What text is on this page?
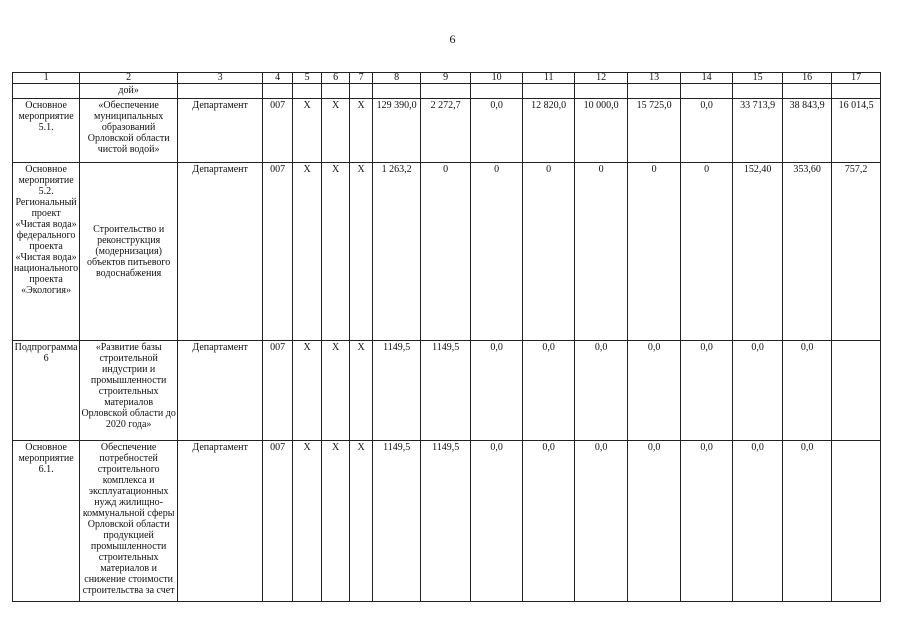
6
1	2	3	4	5	6	7	8	9	10	11	12	13	14	15	16	17
	дой»															
Основное мероприятие 5.1.	«Обеспечение муниципальных образований Орловской области чистой водой»	Департамент	007	Х	Х	Х	129 390,0	2 272,7	0,0	12 820,0	10 000,0	15 725,0	0,0	33 713,9	38 843,9	16 014,5
Основное мероприятие 5.2. Региональный проект «Чистая вода» федерального проекта «Чистая вода» национального проекта «Экология»	Строительство и реконструкция (модернизация) объектов питьевого водоснабжения	Департамент	007	Х	Х	Х	1 263,2	0	0	0	0	0	0	152,40	353,60	757,2
Подпрограмма 6	«Развитие базы строительной индустрии и промышленности строительных материалов Орловской области до 2020 года»	Департамент	007	Х	Х	Х	1149,5	1149,5	0,0	0,0	0,0	0,0	0,0	0,0	0,0	
Основное мероприятие 6.1.	Обеспечение потребностей строительного комплекса и эксплуатационных нужд жилищно-коммунальной сферы Орловской области продукцией промышленности строительных материалов и снижение стоимости строительства за счет	Департамент	007	Х	Х	Х	1149,5	1149,5	0,0	0,0	0,0	0,0	0,0	0,0	0,0	
